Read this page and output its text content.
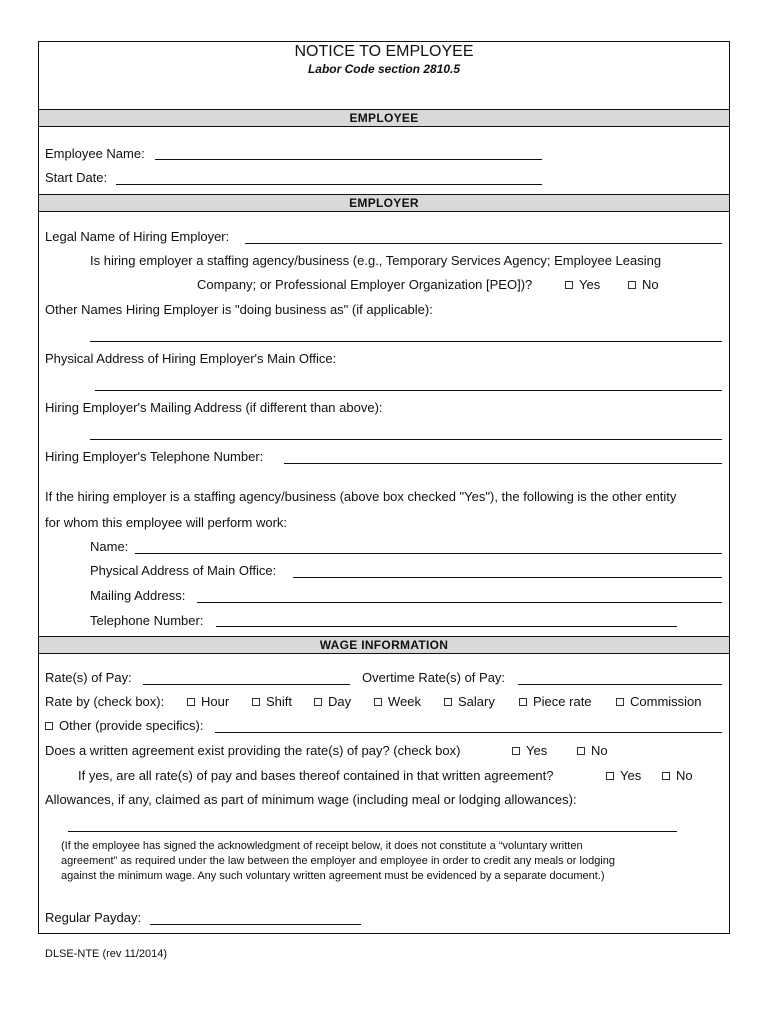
NOTICE TO EMPLOYEE
Labor Code section 2810.5
EMPLOYEE
Employee Name:
Start Date:
EMPLOYER
Legal Name of Hiring Employer:
Is hiring employer a staffing agency/business (e.g., Temporary Services Agency; Employee Leasing
Company; or Professional Employer Organization [PEO])?	Yes	No
Other Names Hiring Employer is "doing business as" (if applicable):
Physical Address of Hiring Employer's Main Office:
Hiring Employer's Mailing Address (if different than above):
Hiring Employer's Telephone Number:
If the hiring employer is a staffing agency/business (above box checked "Yes"), the following is the other entity
for whom this employee will perform work:
Name:
Physical Address of Main Office:
Mailing Address:
Telephone Number:
WAGE INFORMATION
Rate(s) of Pay:	Overtime Rate(s) of Pay:
Rate by (check box):	Hour	Shift	Day	Week	Salary	Piece rate	Commission
Other (provide specifics):
Does a written agreement exist providing the rate(s) of pay? (check box)	Yes	No
If yes, are all rate(s) of pay and bases thereof contained in that written agreement?	Yes	No
Allowances, if any, claimed as part of minimum wage (including meal or lodging allowances):
(If the employee has signed the acknowledgment of receipt below, it does not constitute a “voluntary written
agreement” as required under the law between the employer and employee in order to credit any meals or lodging
against the minimum wage. Any such voluntary written agreement must be evidenced by a separate document.)
Regular Payday:
DLSE-NTE (rev 11/2014)
